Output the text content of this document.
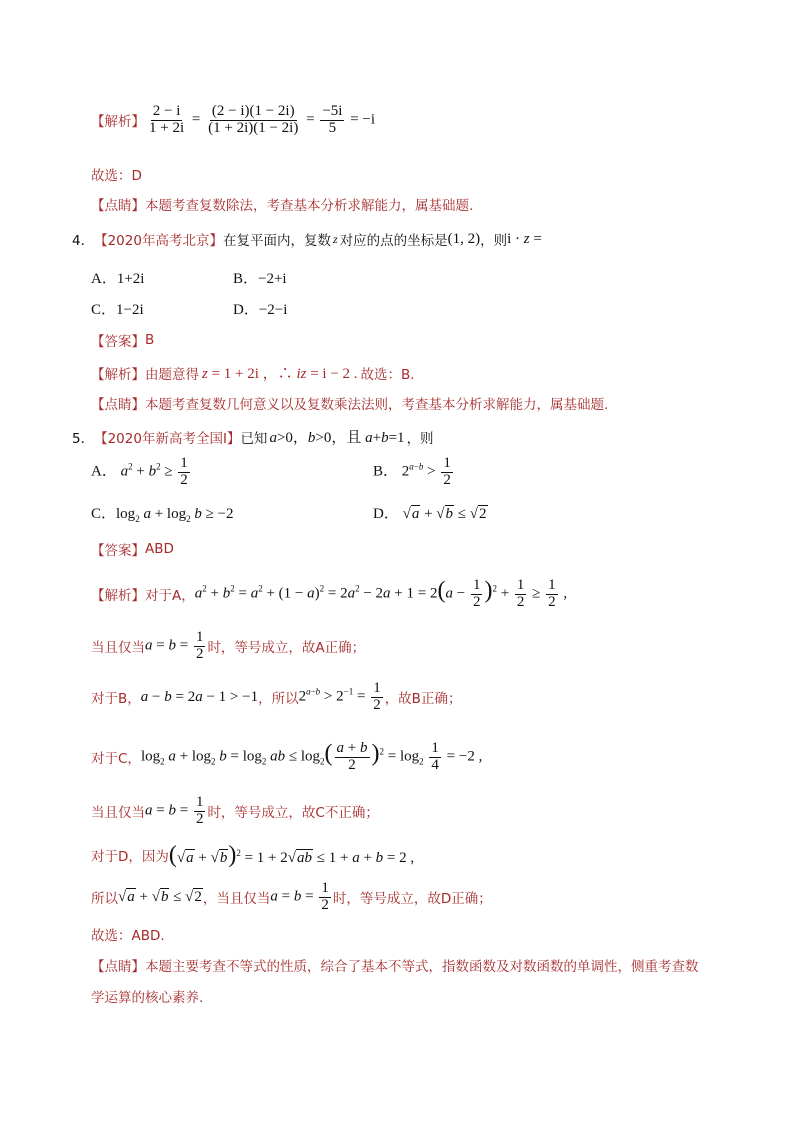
【解析】 $\frac{2 - i}{1 + 2i} = \frac{(2 - i)(1 - 2i)}{(1 + 2i)(1 - 2i)} = \frac{-5i}{5} = -i$
故选：D
【点睛】 本题考查复数除法，考查基本分析求解能力，属基础题.
4． 【2020年高考北京】 在复平面内，复数 z 对应的点的坐标是 (1, 2) ，则 i · z =
A．1+2i	B．−2+i
C．1−2i	D．−2−i
【答案】 B
【解析】 由题意得 z = 1 + 2i ，∴ iz = i − 2 . 故选：B．
【点睛】 本题考查复数几何意义以及复数乘法法则，考查基本分析求解能力，属基础题.
5． 【2020年新高考全国Ⅰ】 已知 a>0，b>0，且 a+b=1 ，则
A． $a^2 + b^2 \ge \frac{1}{2}$	B． $2^{a-b} > \frac{1}{2}$
C．$\log_2 a + \log_2 b \ge -2$	D． √a + √b ≤ √2
【答案】 ABD
【解析】 对于A， $a^2 + b^2 = a^2 + (1 - a)^2 = 2a^2 - 2a + 1 = 2(a - \frac{1}{2} )^2 + \frac{1}{2} \ge \frac{1}{2}$ ,
当且仅当 $a = b = \frac{1}{2}$ 时，等号成立，故A正确；
对于B， a − b = 2a − 1 > −1 ，所以 $2^{a-b} > 2^{-1} = \frac{1}{2}$ ，故B正确；
对于C， $\log_2 a + \log_2 b = \log_2$ ab ≤ $\log_2( \frac{a + b}{2} )^2 = \log_2 \frac{1}{4} = -2$ ,
当且仅当 $a = b = \frac{1}{2}$ 时，等号成立，故C不正确；
对于D，因为 $(√a + √b)^2 = 1 + 2√ab \le 1 + a + b = 2$ ,
所以 √a + √b ≤ √2 ，当且仅当 $a = b = \frac{1}{2}$ 时，等号成立，故D正确；
故选：ABD.
【点睛】 本题主要考查不等式的性质，综合了基本不等式，指数函数及对数函数的单调性，侧重考查数
学运算的核心素养.
